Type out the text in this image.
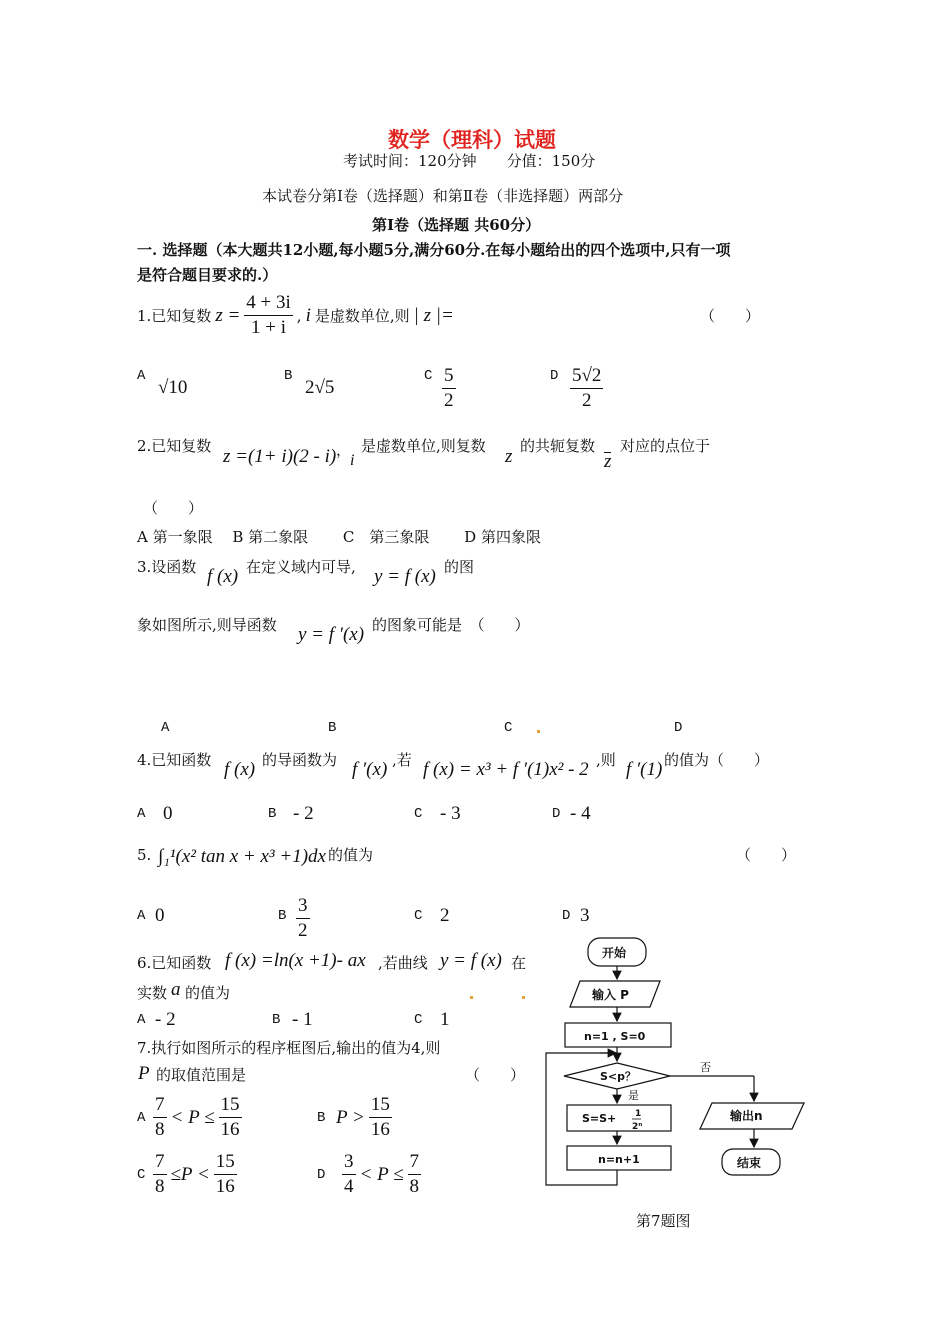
数学（理科）试题
考试时间：120分钟　　分值：150分
本试卷分第Ⅰ卷（选择题）和第Ⅱ卷（非选择题）两部分
第Ⅰ卷（选择题 共60分）
一. 选择题（本大题共12小题,每小题5分,满分60分.在每小题给出的四个选项中,只有一项
是符合题目要求的.）
1.已知复数 $z = \frac{4 + 3i}{1 + i}$ , i 是虚数单位,则 | z |=	（　　）
A
√10
B
2√5
C $\frac{5}{2}$	D $\frac{5√2}{2}$
2.已知复数 z =(1+ i)(2 - i) ，
i
是虚数单位,则复数 z 的共轭复数
z
对应的点位于
（　　）
A 第一象限　 B 第二象限　　 C　第三象限　　 D 第四象限
3.设函数 f (x) 在定义域内可导, y = f (x) 的图
象如图所示,则导函数 y = f ′(x) 的图象可能是　（　　）
A	B	C	D
4.已知函数 f (x) 的导函数为 f ′(x) ,若 f (x) = x³ + f ′(1)x² - 2 ,则 f ′(1) 的值为（　　）
A 0	B - 2	C - 3	D - 4
5. ∫₁¹(x² tan x + x³ +1)dx 的值为	（　　）
A 0	B $\frac{3}{2}$	C 2	D 3
6.已知函数 f (x) =ln(x +1)- ax ,若曲线 y = f (x) 在
实数 a 的值为
A - 2	B - 1	C 1
7.执行如图所示的程序框图后,输出的值为4,则
P 的取值范围是	（　　）
A $\frac{7}{8} < P \le \frac{15}{16}$	B $P > \frac{15}{16}$
C $\frac{7}{8} \le P < \frac{15}{16}$	D $\frac{3}{4} < P \le \frac{7}{8}$
开始
输入 P
n=1 , S=0
S<p？
是
否
S=S+ 1
2ⁿ
n=n+1
输出n
结束
第7题图
